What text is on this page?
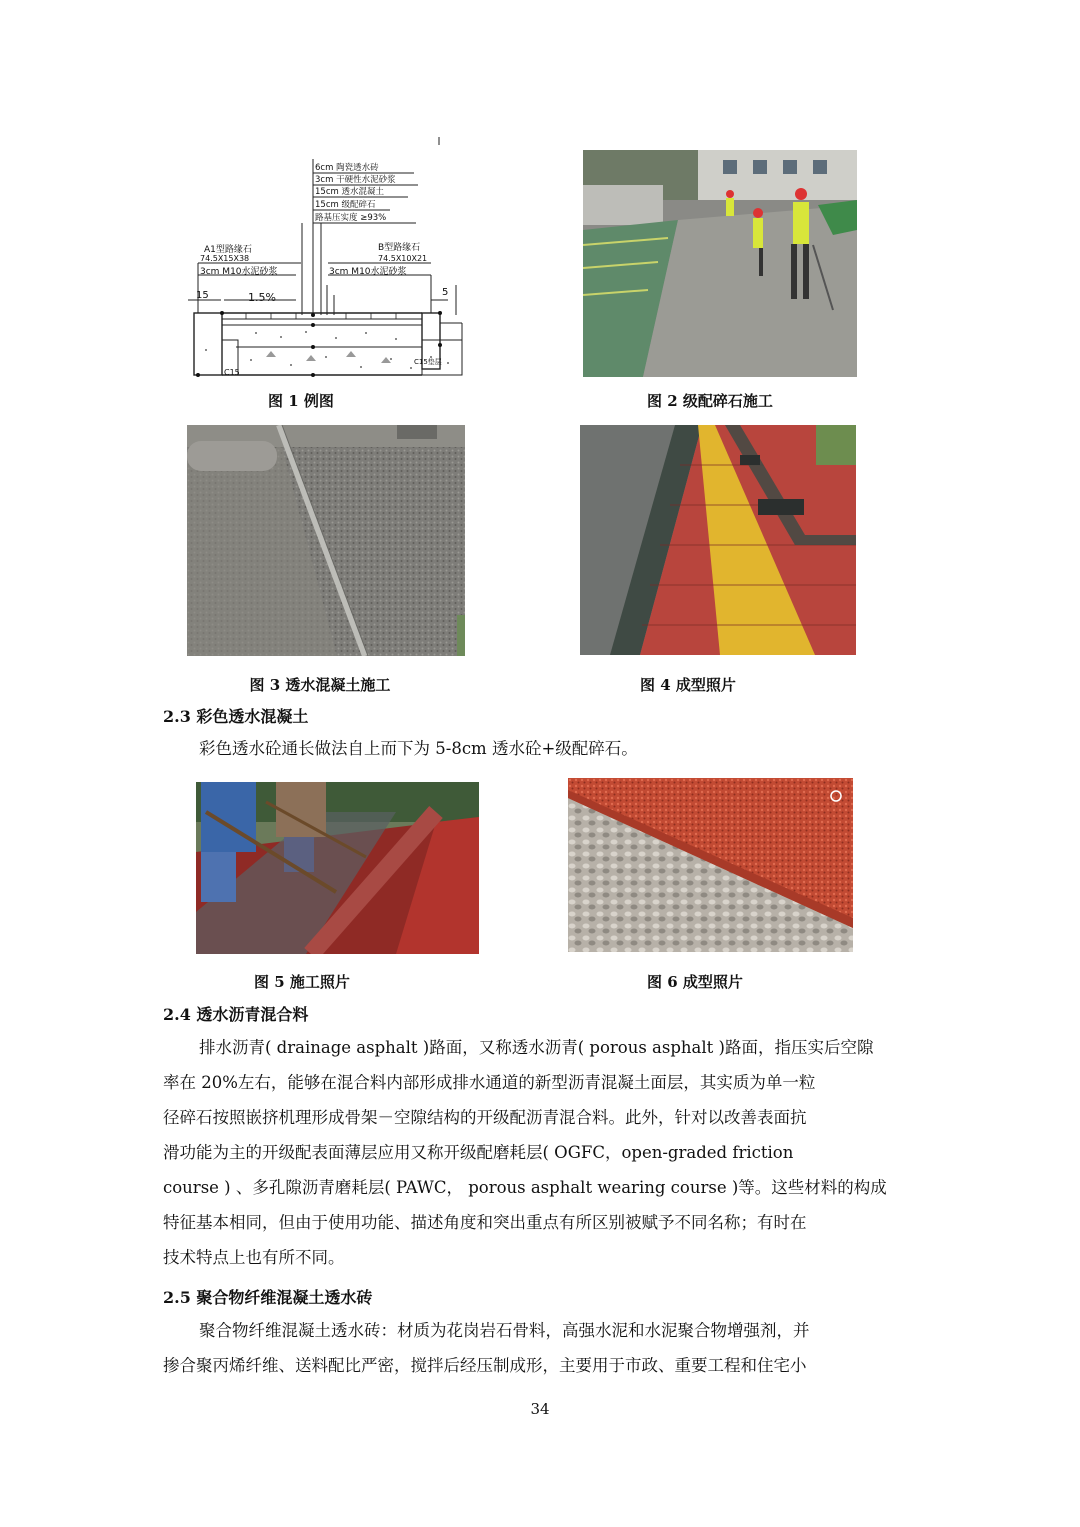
6cm 陶瓷透水砖
3cm 干硬性水泥砂浆
15cm 透水混凝土
15cm 级配碎石
路基压实度 ≥93%
A1型路缘石
74.5X15X38
3cm M10水泥砂浆
B型路缘石
74.5X10X21
3cm M10水泥砂浆
15	1.5%	5
C15
C15垫层
图 1 例图	图 2 级配碎石施工
图 3 透水混凝土施工	图 4 成型照片
2.3 彩色透水混凝土
彩色透水砼通长做法自上而下为 5-8cm 透水砼+级配碎石。
图 5 施工照片	图 6 成型照片
2.4 透水沥青混合料
排水沥青( drainage asphalt )路面，又称透水沥青( porous asphalt )路面，指压实后空隙
率在 20%左右，能够在混合料内部形成排水通道的新型沥青混凝土面层，其实质为单一粒
径碎石按照嵌挤机理形成骨架－空隙结构的开级配沥青混合料。此外，针对以改善表面抗
滑功能为主的开级配表面薄层应用又称开级配磨耗层( OGFC，open-graded friction
course ) 、多孔隙沥青磨耗层( PAWC， porous asphalt wearing course )等。这些材料的构成
特征基本相同，但由于使用功能、描述角度和突出重点有所区别被赋予不同名称；有时在
技术特点上也有所不同。
2.5 聚合物纤维混凝土透水砖
聚合物纤维混凝土透水砖：材质为花岗岩石骨料，高强水泥和水泥聚合物增强剂，并
掺合聚丙烯纤维、送料配比严密，搅拌后经压制成形，主要用于市政、重要工程和住宅小
34
